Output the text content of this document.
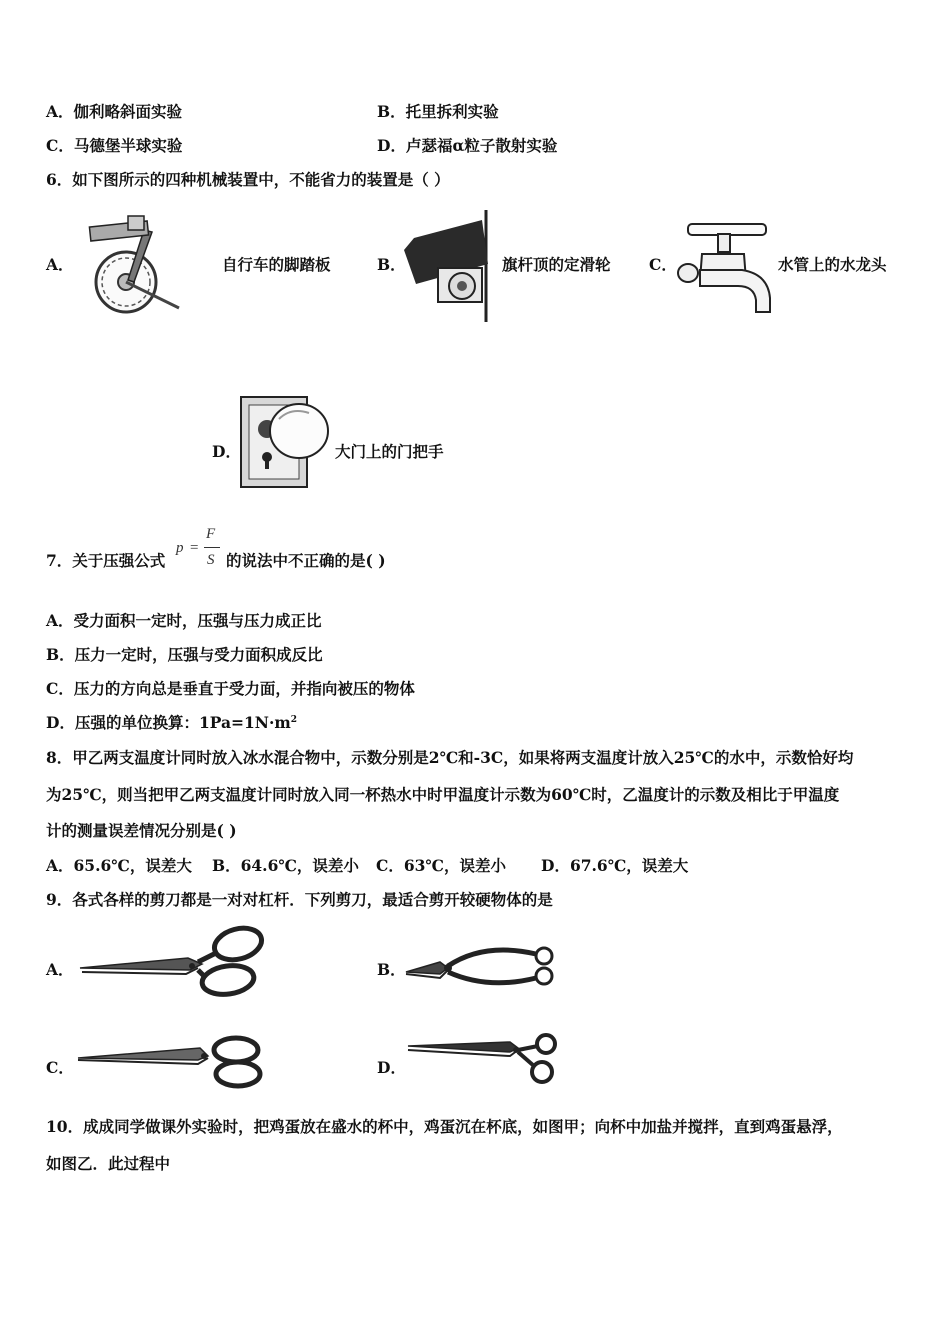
A．伽利略斜面实验	B．托里拆利实验
C．马德堡半球实验	D．卢瑟福α粒子散射实验
6．如下图所示的四种机械装置中，不能省力的装置是（ ）
A．	自行车的脚踏板	B．	旗杆顶的定滑轮 C．	水管上的水龙头
D．	大门上的门把手
7．关于压强公式
p =
F
S 的说法中不正确的是( )
A．受力面积一定时，压强与压力成正比
B．压力一定时，压强与受力面积成反比
C．压力的方向总是垂直于受力面，并指向被压的物体
D．压强的单位换算：$1Pa=1N\cdot m^2$
8．甲乙两支温度计同时放入冰水混合物中，示数分别是2℃和-3C，如果将两支温度计放入25℃的水中，示数恰好均
为25℃，则当把甲乙两支温度计同时放入同一杯热水中时甲温度计示数为60℃时，乙温度计的示数及相比于甲温度
计的测量误差情况分别是( )
A．65.6℃，误差大 B．64.6℃，误差小 C．63℃，误差小 D．67.6℃，误差大
9．各式各样的剪刀都是一对对杠杆．下列剪刀，最适合剪开较硬物体的是
A．	B．
C．	D．
10．成成同学做课外实验时，把鸡蛋放在盛水的杯中，鸡蛋沉在杯底，如图甲；向杯中加盐并搅拌，直到鸡蛋悬浮，
如图乙．此过程中
